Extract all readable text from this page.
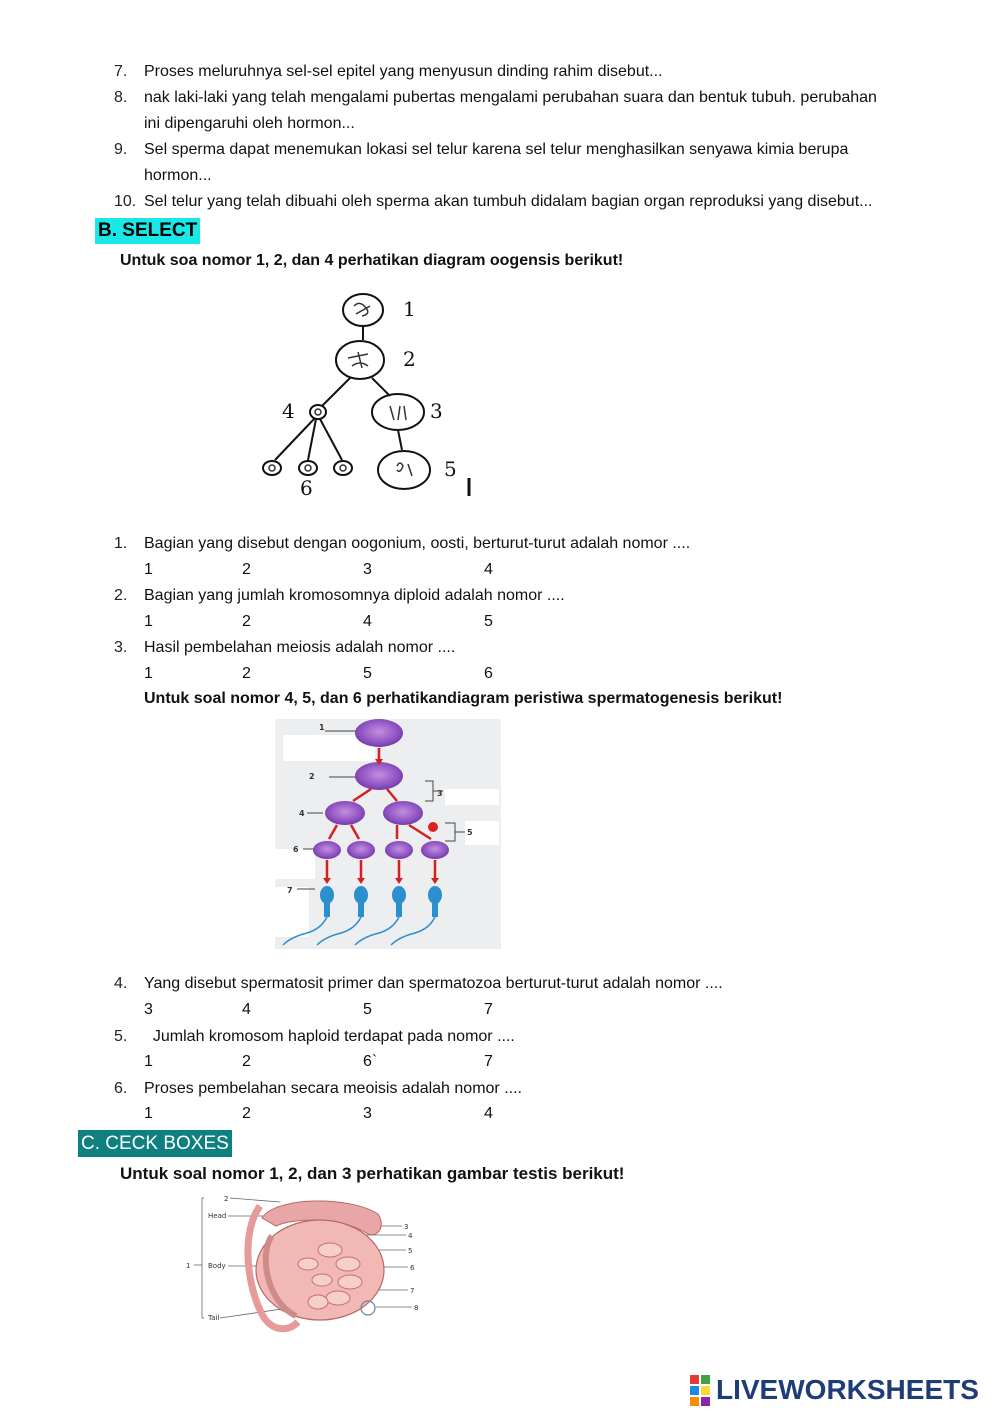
7. Proses meluruhnya sel-sel epitel yang menyusun dinding rahim disebut...
8. nak laki-laki yang telah mengalami pubertas mengalami perubahan suara dan bentuk tubuh. perubahan
ini dipengaruhi oleh hormon...
9. Sel sperma dapat menemukan lokasi sel telur karena sel telur menghasilkan senyawa kimia berupa
hormon...
10. Sel telur yang telah dibuahi oleh sperma akan tumbuh didalam bagian organ reproduksi yang disebut...
B. SELECT
Untuk soa nomor 1, 2, dan 4 perhatikan diagram oogensis berikut!
1
2
3
4
5
6
1. Bagian yang disebut dengan oogonium, oosti, berturut-turut adalah nomor ....
1	2	3	4
2. Bagian yang jumlah kromosomnya diploid adalah nomor ....
1	2	4	5
3. Hasil pembelahan meiosis adalah nomor ....
1	2	5	6
Untuk soal nomor 4, 5, dan 6 perhatikandiagram peristiwa spermatogenesis berikut!
1
2
3
4
5
6
7
4. Yang disebut spermatosit primer dan spermatozoa berturut-turut adalah nomor ....
3	4	5	7
5. Jumlah kromosom haploid terdapat pada nomor ....
1	2	6`	7
6. Proses pembelahan secara meoisis adalah nomor ....
1	2	3	4
C. CECK BOXES
Untuk soal nomor 1, 2, dan 3 perhatikan gambar testis berikut!
Head
Body
Tail
1
2
3
4
5
6
7
8
LIVEWORKSHEETS
